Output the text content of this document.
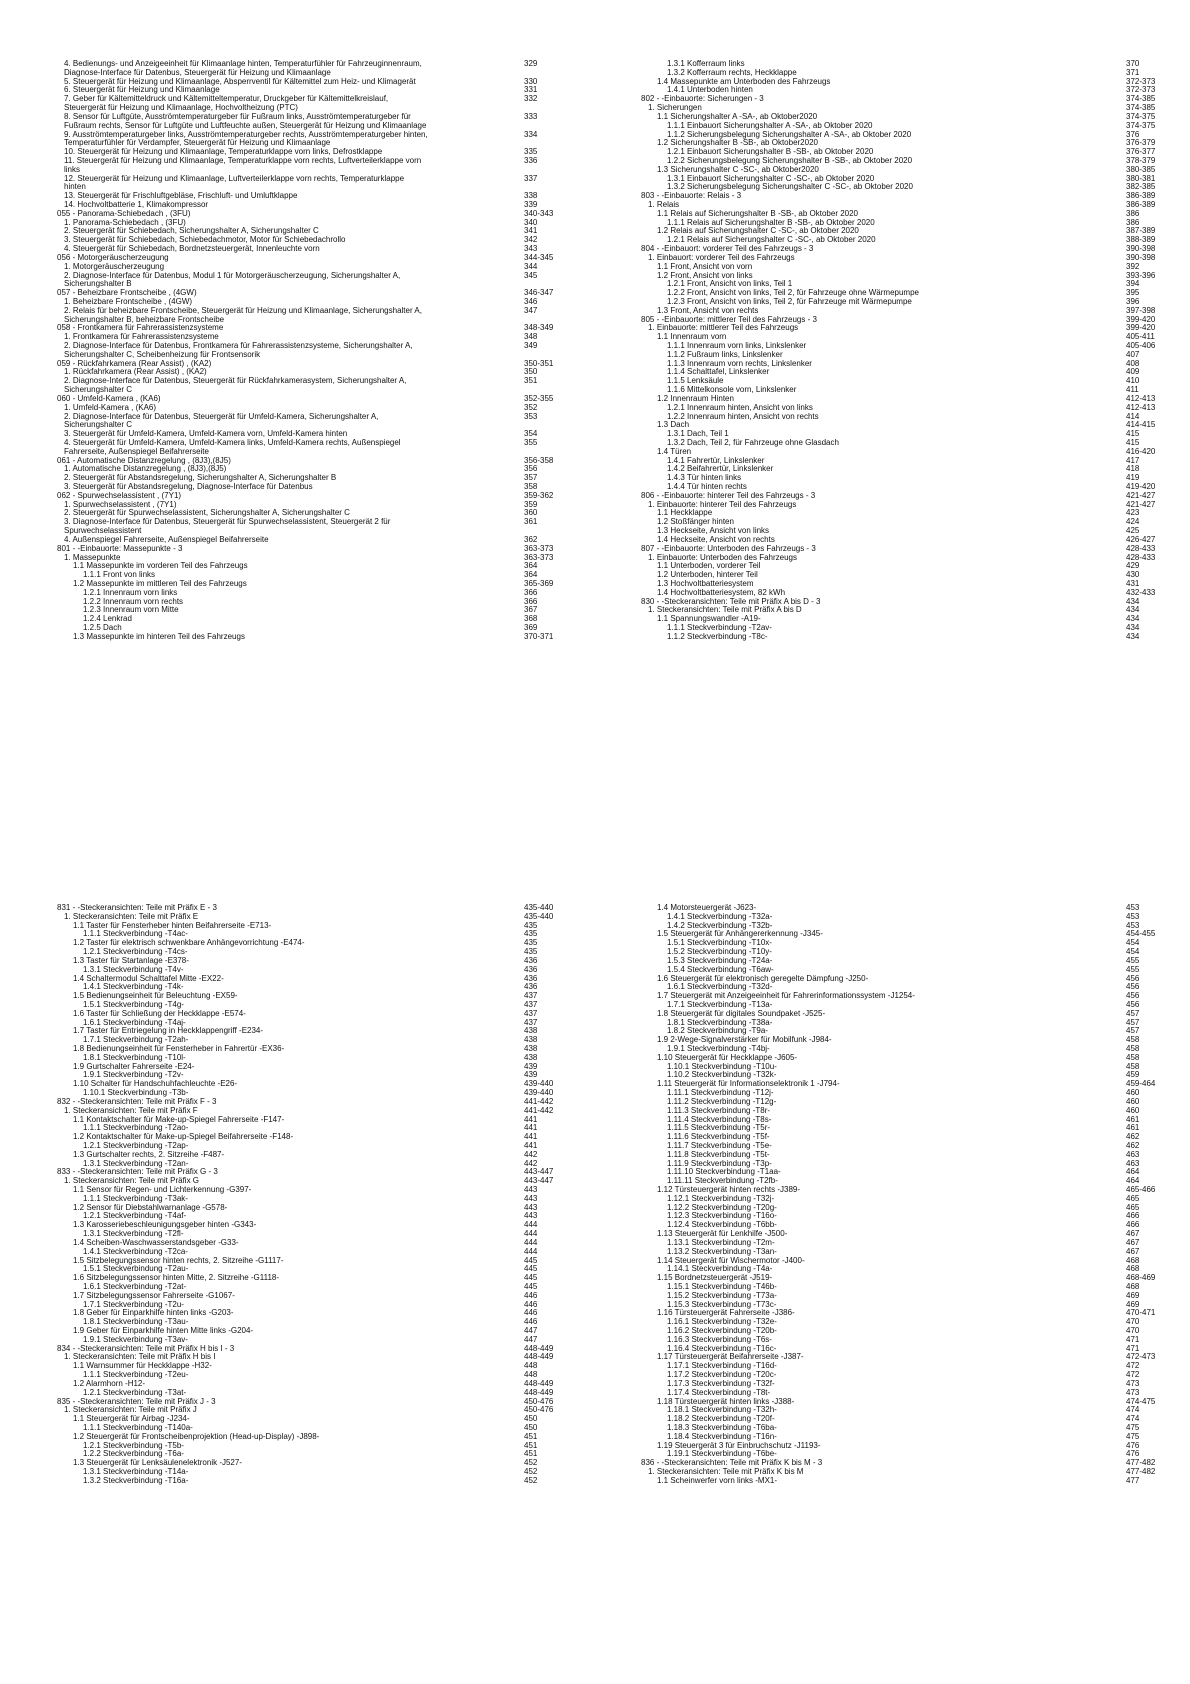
4. Bedienungs- und Anzeigeeinheit für Klimaanlage hinten, Temperaturfühler für Fahrzeuginnenraum,	329
Diagnose-Interface für Datenbus, Steuergerät für Heizung und Klimaanlage
5. Steuergerät für Heizung und Klimaanlage, Absperrventil für Kältemittel zum Heiz- und Klimagerät	330
6. Steuergerät für Heizung und Klimaanlage	331
7. Geber für Kältemitteldruck und Kältemitteltemperatur, Druckgeber für Kältemittelkreislauf,	332
Steuergerät für Heizung und Klimaanlage, Hochvoltheizung (PTC)
8. Sensor für Luftgüte, Ausströmtemperaturgeber für Fußraum links, Ausströmtemperaturgeber für	333
Fußraum rechts, Sensor für Luftgüte und Luftfeuchte außen, Steuergerät für Heizung und Klimaanlage
9. Ausströmtemperaturgeber links, Ausströmtemperaturgeber rechts, Ausströmtemperaturgeber hinten,	334
Temperaturfühler für Verdampfer, Steuergerät für Heizung und Klimaanlage
10. Steuergerät für Heizung und Klimaanlage, Temperaturklappe vorn links, Defrostklappe	335
11. Steuergerät für Heizung und Klimaanlage, Temperaturklappe vorn rechts, Luftverteilerklappe vorn	336
links
12. Steuergerät für Heizung und Klimaanlage, Luftverteilerklappe vorn rechts, Temperaturklappe	337
hinten
13. Steuergerät für Frischluftgebläse, Frischluft- und Umluftklappe	338
14. Hochvoltbatterie 1, Klimakompressor	339
055 - Panorama-Schiebedach , (3FU)	340-343
1. Panorama-Schiebedach , (3FU)	340
2. Steuergerät für Schiebedach, Sicherungshalter A, Sicherungshalter C	341
3. Steuergerät für Schiebedach, Schiebedachmotor, Motor für Schiebedachrollo	342
4. Steuergerät für Schiebedach, Bordnetzsteuergerät, Innenleuchte vorn	343
056 - Motorgeräuscherzeugung	344-345
1. Motorgeräuscherzeugung	344
2. Diagnose-Interface für Datenbus, Modul 1 für Motorgeräuscherzeugung, Sicherungshalter A,	345
Sicherungshalter B
057 - Beheizbare Frontscheibe , (4GW)	346-347
1. Beheizbare Frontscheibe , (4GW)	346
2. Relais für beheizbare Frontscheibe, Steuergerät für Heizung und Klimaanlage, Sicherungshalter A,	347
Sicherungshalter B, beheizbare Frontscheibe
058 - Frontkamera für Fahrerassistenzsysteme	348-349
1. Frontkamera für Fahrerassistenzsysteme	348
2. Diagnose-Interface für Datenbus, Frontkamera für Fahrerassistenzsysteme, Sicherungshalter A,	349
Sicherungshalter C, Scheibenheizung für Frontsensorik
059 - Rückfahrkamera (Rear Assist) , (KA2)	350-351
1. Rückfahrkamera (Rear Assist) , (KA2)	350
2. Diagnose-Interface für Datenbus, Steuergerät für Rückfahrkamerasystem, Sicherungshalter A,	351
Sicherungshalter C
060 - Umfeld-Kamera , (KA6)	352-355
1. Umfeld-Kamera , (KA6)	352
2. Diagnose-Interface für Datenbus, Steuergerät für Umfeld-Kamera, Sicherungshalter A,	353
Sicherungshalter C
3. Steuergerät für Umfeld-Kamera, Umfeld-Kamera vorn, Umfeld-Kamera hinten	354
4. Steuergerät für Umfeld-Kamera, Umfeld-Kamera links, Umfeld-Kamera rechts, Außenspiegel	355
Fahrerseite, Außenspiegel Beifahrerseite
061 - Automatische Distanzregelung , (8J3),(8J5)	356-358
1. Automatische Distanzregelung , (8J3),(8J5)	356
2. Steuergerät für Abstandsregelung, Sicherungshalter A, Sicherungshalter B	357
3. Steuergerät für Abstandsregelung, Diagnose-Interface für Datenbus	358
062 - Spurwechselassistent , (7Y1)	359-362
1. Spurwechselassistent , (7Y1)	359
2. Steuergerät für Spurwechselassistent, Sicherungshalter A, Sicherungshalter C	360
3. Diagnose-Interface für Datenbus, Steuergerät für Spurwechselassistent, Steuergerät 2 für	361
Spurwechselassistent
4. Außenspiegel Fahrerseite, Außenspiegel Beifahrerseite	362
801 - -Einbauorte: Massepunkte - 3	363-373
1. Massepunkte	363-373
1.1 Massepunkte im vorderen Teil des Fahrzeugs	364
1.1.1 Front von links	364
1.2 Massepunkte im mittleren Teil des Fahrzeugs	365-369
1.2.1 Innenraum vorn links	366
1.2.2 Innenraum vorn rechts	366
1.2.3 Innenraum vorn Mitte	367
1.2.4 Lenkrad	368
1.2.5 Dach	369
1.3 Massepunkte im hinteren Teil des Fahrzeugs	370-371
1.3.1 Kofferraum links	370
1.3.2 Kofferraum rechts, Heckklappe	371
1.4 Massepunkte am Unterboden des Fahrzeugs	372-373
1.4.1 Unterboden hinten	372-373
802 - -Einbauorte: Sicherungen - 3	374-385
1. Sicherungen	374-385
1.1 Sicherungshalter A -SA-, ab Oktober2020	374-375
1.1.1 Einbauort Sicherungshalter A -SA-, ab Oktober 2020	374-375
1.1.2 Sicherungsbelegung Sicherungshalter A -SA-, ab Oktober 2020	376
1.2 Sicherungshalter B -SB-, ab Oktober2020	376-379
1.2.1 Einbauort Sicherungshalter B -SB-, ab Oktober 2020	376-377
1.2.2 Sicherungsbelegung Sicherungshalter B -SB-, ab Oktober 2020	378-379
1.3 Sicherungshalter C -SC-, ab Oktober2020	380-385
1.3.1 Einbauort Sicherungshalter C -SC-, ab Oktober 2020	380-381
1.3.2 Sicherungsbelegung Sicherungshalter C -SC-, ab Oktober 2020	382-385
803 - -Einbauorte: Relais - 3	386-389
1. Relais	386-389
1.1 Relais auf Sicherungshalter B -SB-, ab Oktober 2020	386
1.1.1 Relais auf Sicherungshalter B -SB-, ab Oktober 2020	386
1.2 Relais auf Sicherungshalter C -SC-, ab Oktober 2020	387-389
1.2.1 Relais auf Sicherungshalter C -SC-, ab Oktober 2020	388-389
804 - -Einbauort: vorderer Teil des Fahrzeugs - 3	390-398
1. Einbauort: vorderer Teil des Fahrzeugs	390-398
1.1 Front, Ansicht von vorn	392
1.2 Front, Ansicht von links	393-396
1.2.1 Front, Ansicht von links, Teil 1	394
1.2.2 Front, Ansicht von links, Teil 2, für Fahrzeuge ohne Wärmepumpe	395
1.2.3 Front, Ansicht von links, Teil 2, für Fahrzeuge mit Wärmepumpe	396
1.3 Front, Ansicht von rechts	397-398
805 - -Einbauorte: mittlerer Teil des Fahrzeugs - 3	399-420
1. Einbauorte: mittlerer Teil des Fahrzeugs	399-420
1.1 Innenraum vorn	405-411
1.1.1 Innenraum vorn links, Linkslenker	405-406
1.1.2 Fußraum links, Linkslenker	407
1.1.3 Innenraum vorn rechts, Linkslenker	408
1.1.4 Schalttafel, Linkslenker	409
1.1.5 Lenksäule	410
1.1.6 Mittelkonsole vorn, Linkslenker	411
1.2 Innenraum Hinten	412-413
1.2.1 Innenraum hinten, Ansicht von links	412-413
1.2.2 Innenraum hinten, Ansicht von rechts	414
1.3 Dach	414-415
1.3.1 Dach, Teil 1	415
1.3.2 Dach, Teil 2, für Fahrzeuge ohne Glasdach	415
1.4 Türen	416-420
1.4.1 Fahrertür, Linkslenker	417
1.4.2 Beifahrertür, Linkslenker	418
1.4.3 Tür hinten links	419
1.4.4 Tür hinten rechts	419-420
806 - -Einbauorte: hinterer Teil des Fahrzeugs - 3	421-427
1. Einbauorte: hinterer Teil des Fahrzeugs	421-427
1.1 Heckklappe	423
1.2 Stoßfänger hinten	424
1.3 Heckseite, Ansicht von links	425
1.4 Heckseite, Ansicht von rechts	426-427
807 - -Einbauorte: Unterboden des Fahrzeugs - 3	428-433
1. Einbauorte: Unterboden des Fahrzeugs	428-433
1.1 Unterboden, vorderer Teil	429
1.2 Unterboden, hinterer Teil	430
1.3 Hochvoltbatteriesystem	431
1.4 Hochvoltbatteriesystem, 82 kWh	432-433
830 - -Steckeransichten: Teile mit Präfix A bis D - 3	434
1. Steckeransichten: Teile mit Präfix A bis D	434
1.1 Spannungswandler -A19-	434
1.1.1 Steckverbindung -T2av-	434
1.1.2 Steckverbindung -T8c-	434
831 - -Steckeransichten: Teile mit Präfix E - 3	435-440
1. Steckeransichten: Teile mit Präfix E	435-440
1.1 Taster für Fensterheber hinten Beifahrerseite -E713-	435
1.1.1 Steckverbindung -T4ac-	435
1.2 Taster für elektrisch schwenkbare Anhängevorrichtung -E474-	435
1.2.1 Steckverbindung -T4cs-	435
1.3 Taster für Startanlage -E378-	436
1.3.1 Steckverbindung -T4v-	436
1.4 Schaltermodul Schalttafel Mitte -EX22-	436
1.4.1 Steckverbindung -T4k-	436
1.5 Bedienungseinheit für Beleuchtung -EX59-	437
1.5.1 Steckverbindung -T4g-	437
1.6 Taster für Schließung der Heckklappe -E574-	437
1.6.1 Steckverbindung -T4aj-	437
1.7 Taster für Entriegelung in Heckklappengriff -E234-	438
1.7.1 Steckverbindung -T2ah-	438
1.8 Bedienungseinheit für Fensterheber in Fahrertür -EX36-	438
1.8.1 Steckverbindung -T10l-	438
1.9 Gurtschalter Fahrerseite -E24-	439
1.9.1 Steckverbindung -T2v-	439
1.10 Schalter für Handschuhfachleuchte -E26-	439-440
1.10.1 Steckverbindung -T3b-	439-440
832 - -Steckeransichten: Teile mit Präfix F - 3	441-442
1. Steckeransichten: Teile mit Präfix F	441-442
1.1 Kontaktschalter für Make-up-Spiegel Fahrerseite -F147-	441
1.1.1 Steckverbindung -T2ao-	441
1.2 Kontaktschalter für Make-up-Spiegel Beifahrerseite -F148-	441
1.2.1 Steckverbindung -T2ap-	441
1.3 Gurtschalter rechts, 2. Sitzreihe -F487-	442
1.3.1 Steckverbindung -T2an-	442
833 - -Steckeransichten: Teile mit Präfix G - 3	443-447
1. Steckeransichten: Teile mit Präfix G	443-447
1.1 Sensor für Regen- und Lichterkennung -G397-	443
1.1.1 Steckverbindung -T3ak-	443
1.2 Sensor für Diebstahlwarnanlage -G578-	443
1.2.1 Steckverbindung -T4af-	443
1.3 Karosseriebeschleunigungsgeber hinten -G343-	444
1.3.1 Steckverbindung -T2fl-	444
1.4 Scheiben-Waschwasserstandsgeber -G33-	444
1.4.1 Steckverbindung -T2ca-	444
1.5 Sitzbelegungssensor hinten rechts, 2. Sitzreihe -G1117-	445
1.5.1 Steckverbindung -T2au-	445
1.6 Sitzbelegungssensor hinten Mitte, 2. Sitzreihe -G1118-	445
1.6.1 Steckverbindung -T2at-	445
1.7 Sitzbelegungssensor Fahrerseite -G1067-	446
1.7.1 Steckverbindung -T2u-	446
1.8 Geber für Einparkhilfe hinten links -G203-	446
1.8.1 Steckverbindung -T3au-	446
1.9 Geber für Einparkhilfe hinten Mitte links -G204-	447
1.9.1 Steckverbindung -T3av-	447
834 - -Steckeransichten: Teile mit Präfix H bis I - 3	448-449
1. Steckeransichten: Teile mit Präfix H bis I	448-449
1.1 Warnsummer für Heckklappe -H32-	448
1.1.1 Steckverbindung -T2eu-	448
1.2 Alarmhorn -H12-	448-449
1.2.1 Steckverbindung -T3at-	448-449
835 - -Steckeransichten: Teile mit Präfix J - 3	450-476
1. Steckeransichten: Teile mit Präfix J	450-476
1.1 Steuergerät für Airbag -J234-	450
1.1.1 Steckverbindung -T140a-	450
1.2 Steuergerät für Frontscheibenprojektion (Head-up-Display) -J898-	451
1.2.1 Steckverbindung -T5b-	451
1.2.2 Steckverbindung -T6a-	451
1.3 Steuergerät für Lenksäulenelektronik -J527-	452
1.3.1 Steckverbindung -T14a-	452
1.3.2 Steckverbindung -T16a-	452
1.4 Motorsteuergerät -J623-	453
1.4.1 Steckverbindung -T32a-	453
1.4.2 Steckverbindung -T32b-	453
1.5 Steuergerät für Anhängererkennung -J345-	454-455
1.5.1 Steckverbindung -T10x-	454
1.5.2 Steckverbindung -T10y-	454
1.5.3 Steckverbindung -T24a-	455
1.5.4 Steckverbindung -T6aw-	455
1.6 Steuergerät für elektronisch geregelte Dämpfung -J250-	456
1.6.1 Steckverbindung -T32d-	456
1.7 Steuergerät mit Anzeigeeinheit für Fahrerinformationssystem -J1254-	456
1.7.1 Steckverbindung -T13a-	456
1.8 Steuergerät für digitales Soundpaket -J525-	457
1.8.1 Steckverbindung -T38a-	457
1.8.2 Steckverbindung -T9a-	457
1.9 2-Wege-Signalverstärker für Mobilfunk -J984-	458
1.9.1 Steckverbindung -T4bj-	458
1.10 Steuergerät für Heckklappe -J605-	458
1.10.1 Steckverbindung -T10u-	458
1.10.2 Steckverbindung -T32k-	459
1.11 Steuergerät für Informationselektronik 1 -J794-	459-464
1.11.1 Steckverbindung -T12j-	460
1.11.2 Steckverbindung -T12g-	460
1.11.3 Steckverbindung -T8r-	460
1.11.4 Steckverbindung -T8s-	461
1.11.5 Steckverbindung -T5r-	461
1.11.6 Steckverbindung -T5f-	462
1.11.7 Steckverbindung -T5e-	462
1.11.8 Steckverbindung -T5t-	463
1.11.9 Steckverbindung -T3p-	463
1.11.10 Steckverbindung -T1aa-	464
1.11.11 Steckverbindung -T2fb-	464
1.12 Türsteuergerät hinten rechts -J389-	465-466
1.12.1 Steckverbindung -T32j-	465
1.12.2 Steckverbindung -T20g-	465
1.12.3 Steckverbindung -T16o-	466
1.12.4 Steckverbindung -T6bb-	466
1.13 Steuergerät für Lenkhilfe -J500-	467
1.13.1 Steckverbindung -T2m-	467
1.13.2 Steckverbindung -T3an-	467
1.14 Steuergerät für Wischermotor -J400-	468
1.14.1 Steckverbindung -T4a-	468
1.15 Bordnetzsteuergerät -J519-	468-469
1.15.1 Steckverbindung -T46b-	468
1.15.2 Steckverbindung -T73a-	469
1.15.3 Steckverbindung -T73c-	469
1.16 Türsteuergerät Fahrerseite -J386-	470-471
1.16.1 Steckverbindung -T32e-	470
1.16.2 Steckverbindung -T20b-	470
1.16.3 Steckverbindung -T6s-	471
1.16.4 Steckverbindung -T16c-	471
1.17 Türsteuergerät Beifahrerseite -J387-	472-473
1.17.1 Steckverbindung -T16d-	472
1.17.2 Steckverbindung -T20c-	472
1.17.3 Steckverbindung -T32f-	473
1.17.4 Steckverbindung -T8t-	473
1.18 Türsteuergerät hinten links -J388-	474-475
1.18.1 Steckverbindung -T32h-	474
1.18.2 Steckverbindung -T20f-	474
1.18.3 Steckverbindung -T6ba-	475
1.18.4 Steckverbindung -T16n-	475
1.19 Steuergerät 3 für Einbruchschutz -J1193-	476
1.19.1 Steckverbindung -T6be-	476
836 - -Steckeransichten: Teile mit Präfix K bis M - 3	477-482
1. Steckeransichten: Teile mit Präfix K bis M	477-482
1.1 Scheinwerfer vorn links -MX1-	477
